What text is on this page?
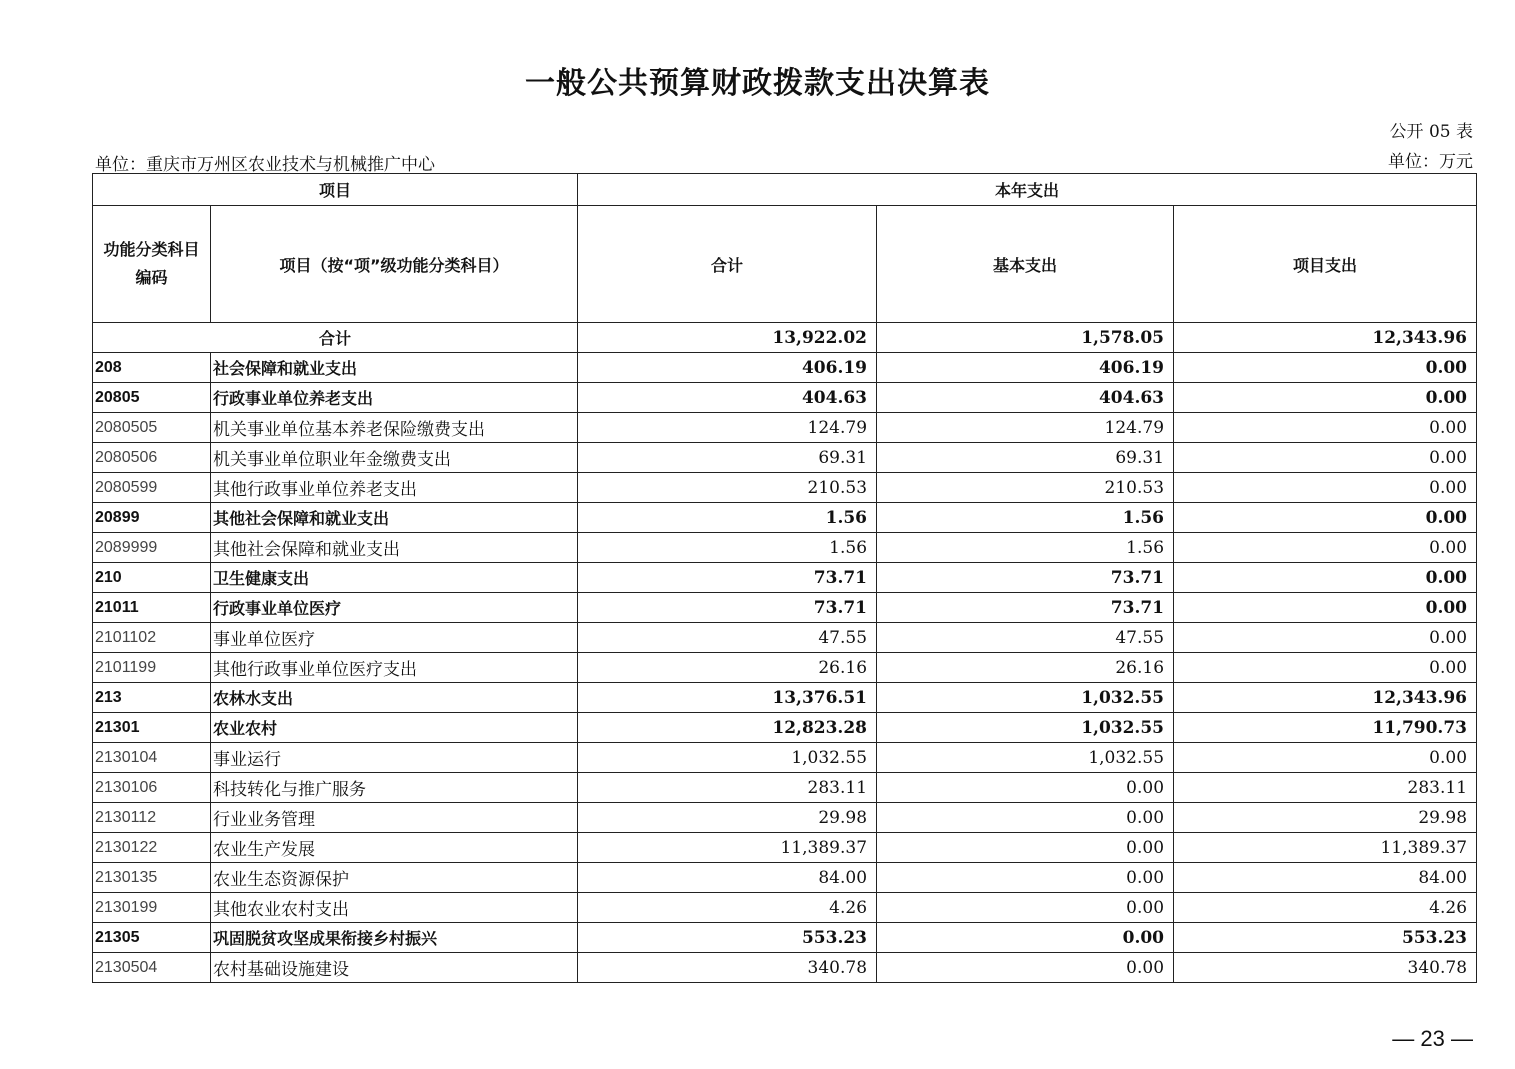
一般公共预算财政拨款支出决算表
公开 05 表
单位：重庆市万州区农业技术与机械推广中心	单位：万元
项目		本年支出		
功能分类科目编码	项目（按“项”级功能分类科目）	合计	基本支出	项目支出
合计		13,922.02	1,578.05	12,343.96
208	社会保障和就业支出	406.19	406.19	0.00
20805	行政事业单位养老支出	404.63	404.63	0.00
2080505	机关事业单位基本养老保险缴费支出	124.79	124.79	0.00
2080506	机关事业单位职业年金缴费支出	69.31	69.31	0.00
2080599	其他行政事业单位养老支出	210.53	210.53	0.00
20899	其他社会保障和就业支出	1.56	1.56	0.00
2089999	其他社会保障和就业支出	1.56	1.56	0.00
210	卫生健康支出	73.71	73.71	0.00
21011	行政事业单位医疗	73.71	73.71	0.00
2101102	事业单位医疗	47.55	47.55	0.00
2101199	其他行政事业单位医疗支出	26.16	26.16	0.00
213	农林水支出	13,376.51	1,032.55	12,343.96
21301	农业农村	12,823.28	1,032.55	11,790.73
2130104	事业运行	1,032.55	1,032.55	0.00
2130106	科技转化与推广服务	283.11	0.00	283.11
2130112	行业业务管理	29.98	0.00	29.98
2130122	农业生产发展	11,389.37	0.00	11,389.37
2130135	农业生态资源保护	84.00	0.00	84.00
2130199	其他农业农村支出	4.26	0.00	4.26
21305	巩固脱贫攻坚成果衔接乡村振兴	553.23	0.00	553.23
2130504	农村基础设施建设	340.78	0.00	340.78
— 23 —
